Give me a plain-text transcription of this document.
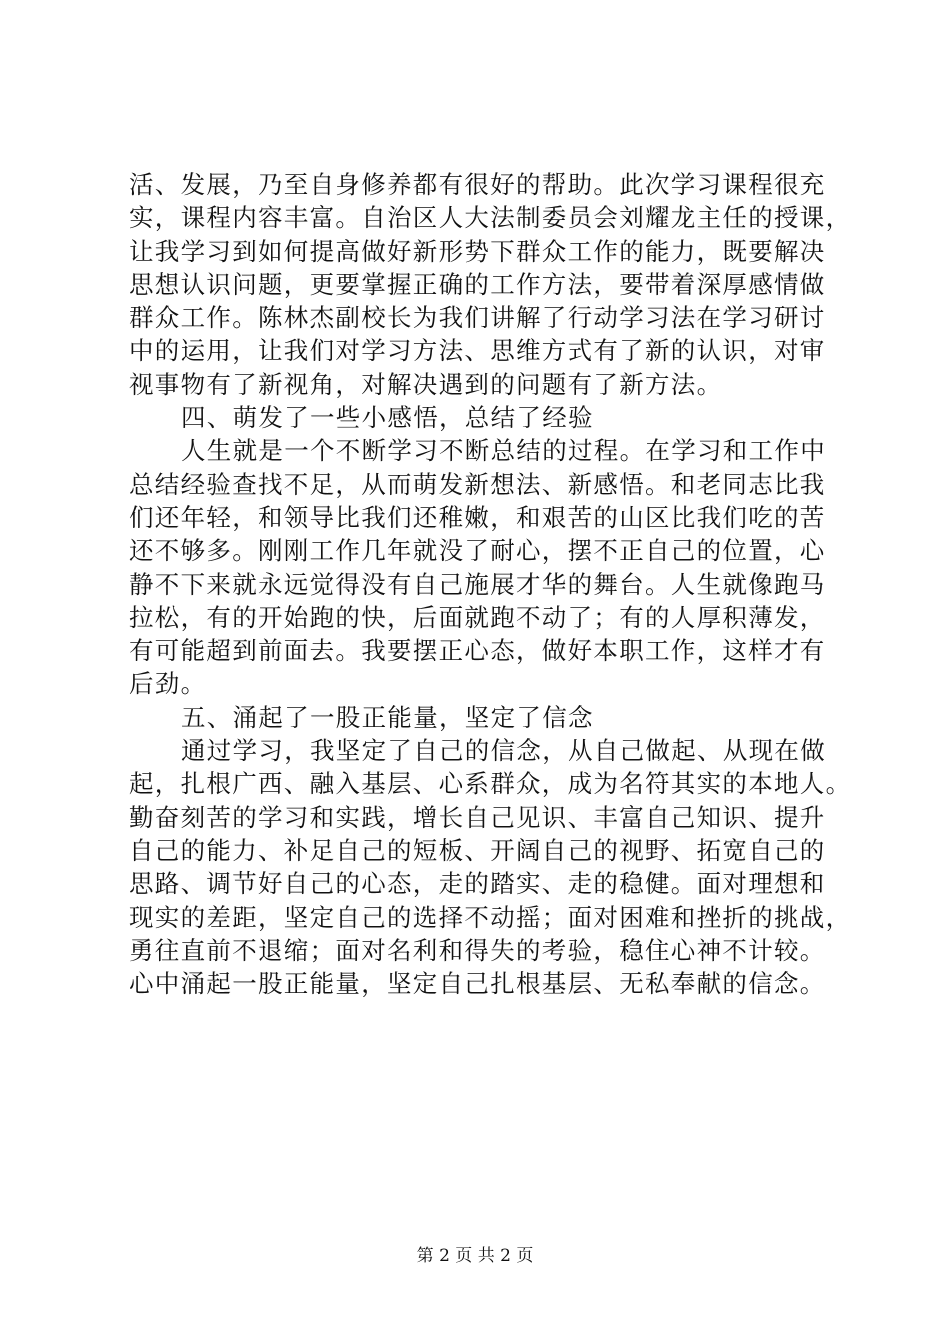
活、发展，乃至自身修养都有很好的帮助。此次学习课程很充
实，课程内容丰富。自治区人大法制委员会刘耀龙主任的授课，
让我学习到如何提高做好新形势下群众工作的能力，既要解决
思想认识问题，更要掌握正确的工作方法，要带着深厚感情做
群众工作。陈林杰副校长为我们讲解了行动学习法在学习研讨
中的运用，让我们对学习方法、思维方式有了新的认识，对审
视事物有了新视角，对解决遇到的问题有了新方法。
四、萌发了一些小感悟，总结了经验
人生就是一个不断学习不断总结的过程。在学习和工作中
总结经验查找不足，从而萌发新想法、新感悟。和老同志比我
们还年轻，和领导比我们还稚嫩，和艰苦的山区比我们吃的苦
还不够多。刚刚工作几年就没了耐心，摆不正自己的位置，心
静不下来就永远觉得没有自己施展才华的舞台。人生就像跑马
拉松，有的开始跑的快，后面就跑不动了；有的人厚积薄发，
有可能超到前面去。我要摆正心态，做好本职工作，这样才有
后劲。
五、涌起了一股正能量，坚定了信念
通过学习，我坚定了自己的信念，从自己做起、从现在做
起，扎根广西、融入基层、心系群众，成为名符其实的本地人。
勤奋刻苦的学习和实践，增长自己见识、丰富自己知识、提升
自己的能力、补足自己的短板、开阔自己的视野、拓宽自己的
思路、调节好自己的心态，走的踏实、走的稳健。面对理想和
现实的差距，坚定自己的选择不动摇；面对困难和挫折的挑战，
勇往直前不退缩；面对名利和得失的考验，稳住心神不计较。
心中涌起一股正能量，坚定自己扎根基层、无私奉献的信念。
第 2 页 共 2 页
